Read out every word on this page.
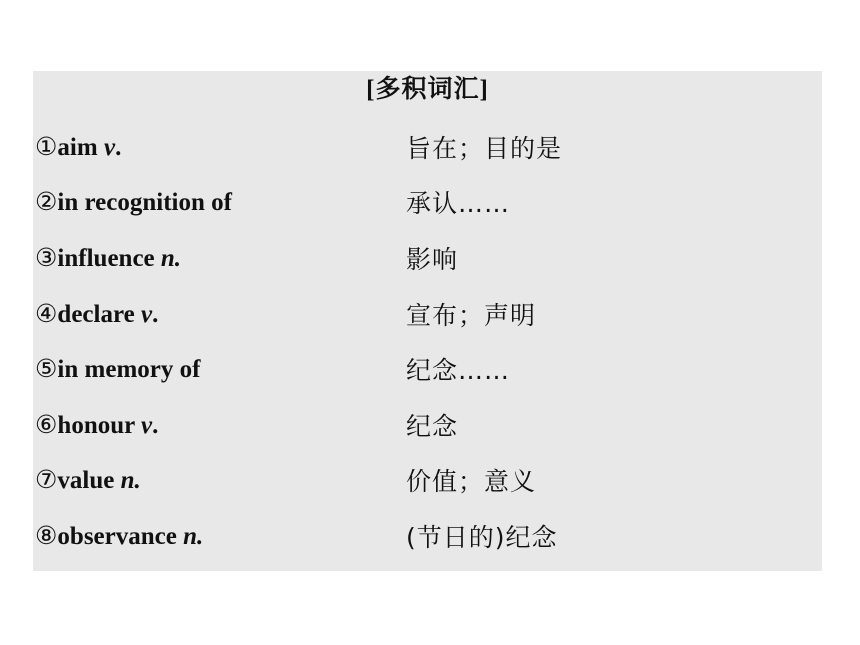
[多积词汇]
①aim v.	旨在；目的是
②in recognition of	承认……
③influence n.	影响
④declare v.	宣布；声明
⑤in memory of	纪念……
⑥honour v.	纪念
⑦value n.	价值；意义
⑧observance n.	(节日的)纪念
